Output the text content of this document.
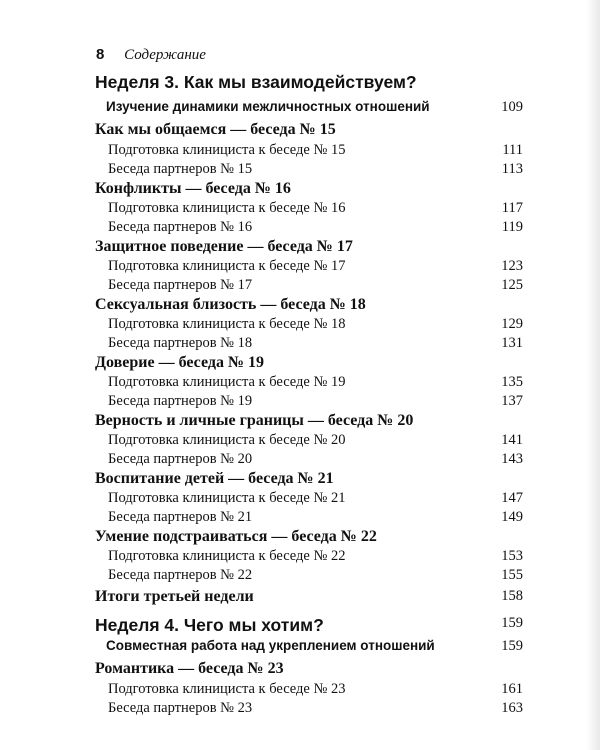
8 Содержание
Неделя 3. Как мы взаимодействуем?
Изучение динамики межличностных отношений	109
Как мы общаемся — беседа № 15
Подготовка клинициста к беседе № 15	111
Беседа партнеров № 15	113
Конфликты — беседа № 16
Подготовка клинициста к беседе № 16	117
Беседа партнеров № 16	119
Защитное поведение — беседа № 17
Подготовка клинициста к беседе № 17	123
Беседа партнеров № 17	125
Сексуальная близость — беседа № 18
Подготовка клинициста к беседе № 18	129
Беседа партнеров № 18	131
Доверие — беседа № 19
Подготовка клинициста к беседе № 19	135
Беседа партнеров № 19	137
Верность и личные границы — беседа № 20
Подготовка клинициста к беседе № 20	141
Беседа партнеров № 20	143
Воспитание детей — беседа № 21
Подготовка клинициста к беседе № 21	147
Беседа партнеров № 21	149
Умение подстраиваться — беседа № 22
Подготовка клинициста к беседе № 22	153
Беседа партнеров № 22	155
Итоги третьей недели	158
Неделя 4. Чего мы хотим?	159
Совместная работа над укреплением отношений	159
Романтика — беседа № 23
Подготовка клинициста к беседе № 23	161
Беседа партнеров № 23	163
